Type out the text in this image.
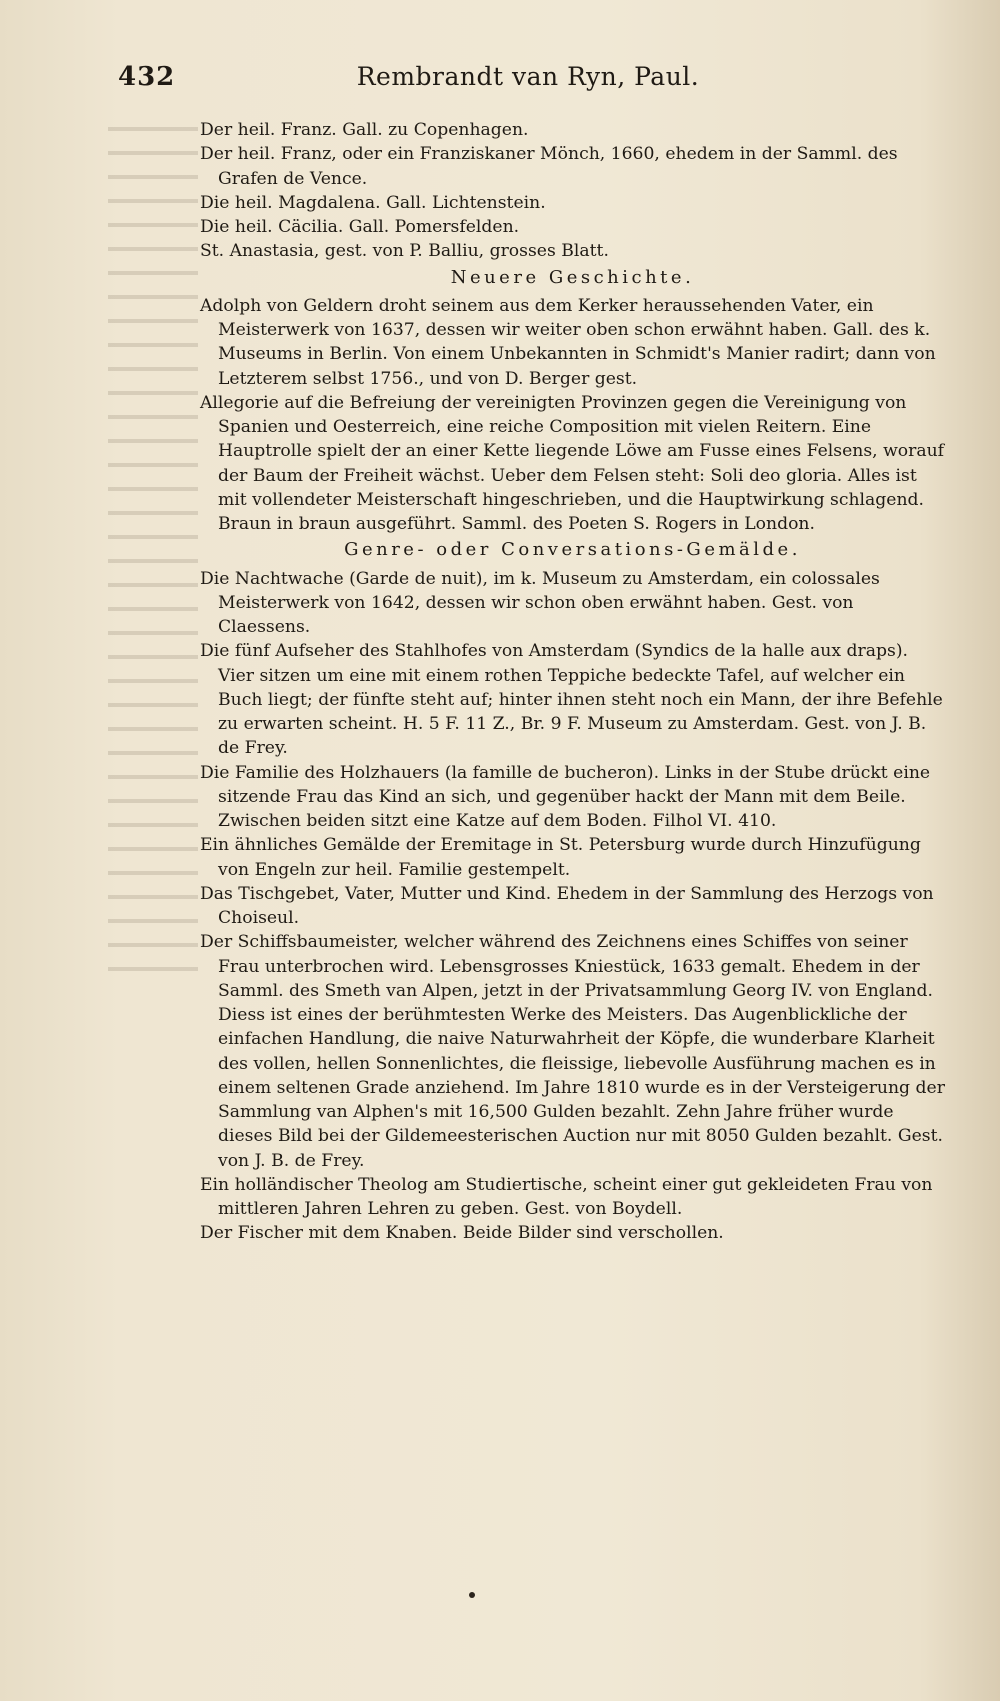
432	Rembrandt van Ryn, Paul.

Der heil. Franz. Gall. zu Copenhagen.

Der heil. Franz, oder ein Franziskaner Mönch, 1660, ehedem in der Samml. des Grafen de Vence.

Die heil. Magdalena. Gall. Lichtenstein.

Die heil. Cäcilia. Gall. Pomersfelden.

St. Anastasia, gest. von P. Balliu, grosses Blatt.

Neuere Geschichte.

Adolph von Geldern droht seinem aus dem Kerker heraussehenden Vater, ein Meisterwerk von 1637, dessen wir weiter oben schon erwähnt haben. Gall. des k. Museums in Berlin. Von einem Unbekannten in Schmidt's Manier radirt; dann von Letzterem selbst 1756., und von D. Berger gest.

Allegorie auf die Befreiung der vereinigten Provinzen gegen die Vereinigung von Spanien und Oesterreich, eine reiche Composition mit vielen Reitern. Eine Hauptrolle spielt der an einer Kette liegende Löwe am Fusse eines Felsens, worauf der Baum der Freiheit wächst. Ueber dem Felsen steht: Soli deo gloria. Alles ist mit vollendeter Meisterschaft hingeschrieben, und die Hauptwirkung schlagend. Braun in braun ausgeführt. Samml. des Poeten S. Rogers in London.

Genre- oder Conversations-Gemälde.

Die Nachtwache (Garde de nuit), im k. Museum zu Amsterdam, ein colossales Meisterwerk von 1642, dessen wir schon oben erwähnt haben. Gest. von Claessens.

Die fünf Aufseher des Stahlhofes von Amsterdam (Syndics de la halle aux draps). Vier sitzen um eine mit einem rothen Teppiche bedeckte Tafel, auf welcher ein Buch liegt; der fünfte steht auf; hinter ihnen steht noch ein Mann, der ihre Befehle zu erwarten scheint. H. 5 F. 11 Z., Br. 9 F. Museum zu Amsterdam. Gest. von J. B. de Frey.

Die Familie des Holzhauers (la famille de bucheron). Links in der Stube drückt eine sitzende Frau das Kind an sich, und gegenüber hackt der Mann mit dem Beile. Zwischen beiden sitzt eine Katze auf dem Boden. Filhol VI. 410.

Ein ähnliches Gemälde der Eremitage in St. Petersburg wurde durch Hinzufügung von Engeln zur heil. Familie gestempelt.

Das Tischgebet, Vater, Mutter und Kind. Ehedem in der Sammlung des Herzogs von Choiseul.

Der Schiffsbaumeister, welcher während des Zeichnens eines Schiffes von seiner Frau unterbrochen wird. Lebensgrosses Kniestück, 1633 gemalt. Ehedem in der Samml. des Smeth van Alpen, jetzt in der Privatsammlung Georg IV. von England. Diess ist eines der berühmtesten Werke des Meisters. Das Augenblickliche der einfachen Handlung, die naive Naturwahrheit der Köpfe, die wunderbare Klarheit des vollen, hellen Sonnenlichtes, die fleissige, liebevolle Ausführung machen es in einem seltenen Grade anziehend. Im Jahre 1810 wurde es in der Versteigerung der Sammlung van Alphen's mit 16,500 Gulden bezahlt. Zehn Jahre früher wurde dieses Bild bei der Gildemeesterischen Auction nur mit 8050 Gulden bezahlt. Gest. von J. B. de Frey.

Ein holländischer Theolog am Studiertische, scheint einer gut gekleideten Frau von mittleren Jahren Lehren zu geben. Gest. von Boydell.

Der Fischer mit dem Knaben. Beide Bilder sind verschollen.
